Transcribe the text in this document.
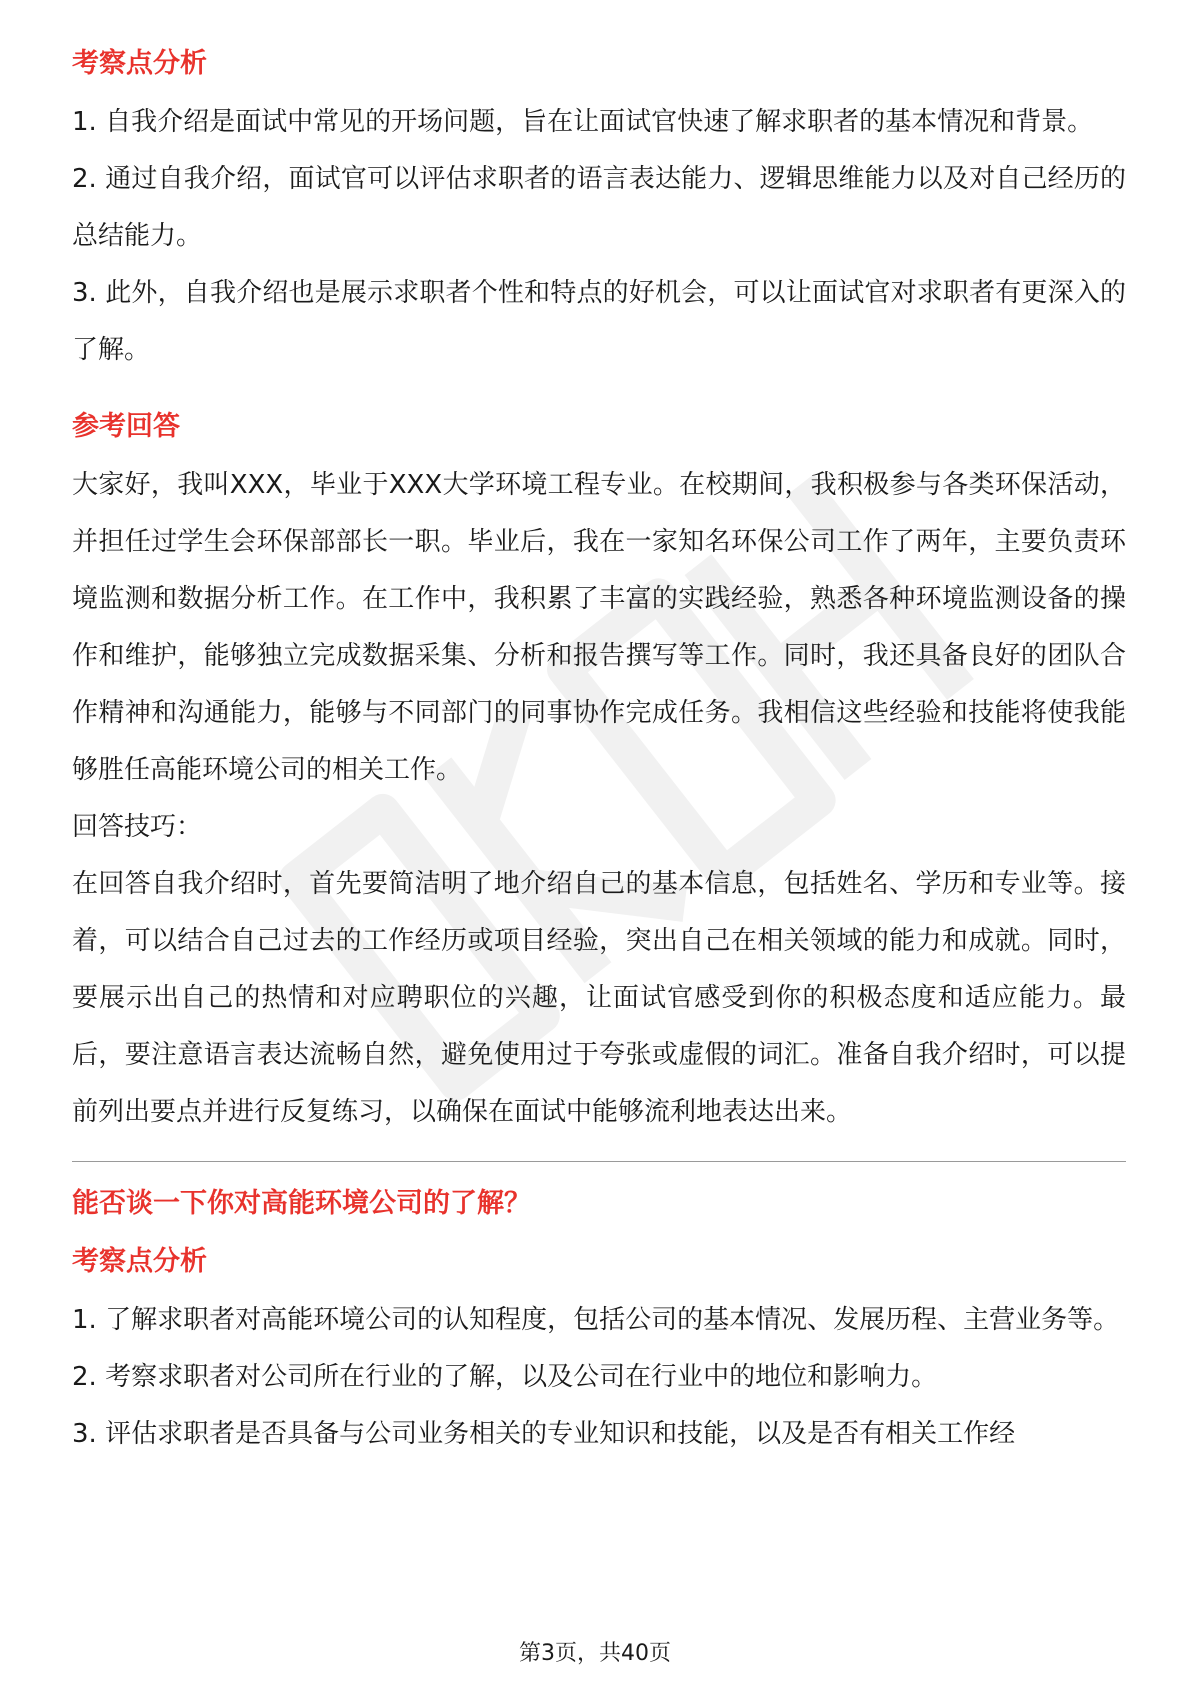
考察点分析

1. 自我介绍是面试中常见的开场问题，旨在让面试官快速了解求职者的基本情况和背景。

2. 通过自我介绍，面试官可以评估求职者的语言表达能力、逻辑思维能力以及对自己经历的总结能力。

3. 此外，自我介绍也是展示求职者个性和特点的好机会，可以让面试官对求职者有更深入的了解。

参考回答

大家好，我叫XXX，毕业于XXX大学环境工程专业。在校期间，我积极参与各类环保活动，并担任过学生会环保部部长一职。毕业后，我在一家知名环保公司工作了两年，主要负责环境监测和数据分析工作。在工作中，我积累了丰富的实践经验，熟悉各种环境监测设备的操作和维护，能够独立完成数据采集、分析和报告撰写等工作。同时，我还具备良好的团队合作精神和沟通能力，能够与不同部门的同事协作完成任务。我相信这些经验和技能将使我能够胜任高能环境公司的相关工作。

回答技巧：

在回答自我介绍时，首先要简洁明了地介绍自己的基本信息，包括姓名、学历和专业等。接着，可以结合自己过去的工作经历或项目经验，突出自己在相关领域的能力和成就。同时，要展示出自己的热情和对应聘职位的兴趣，让面试官感受到你的积极态度和适应能力。最后，要注意语言表达流畅自然，避免使用过于夸张或虚假的词汇。准备自我介绍时，可以提前列出要点并进行反复练习，以确保在面试中能够流利地表达出来。

能否谈一下你对高能环境公司的了解？
考察点分析

1. 了解求职者对高能环境公司的认知程度，包括公司的基本情况、发展历程、主营业务等。

2. 考察求职者对公司所在行业的了解，以及公司在行业中的地位和影响力。

3. 评估求职者是否具备与公司业务相关的专业知识和技能，以及是否有相关工作经

第3页，共40页
